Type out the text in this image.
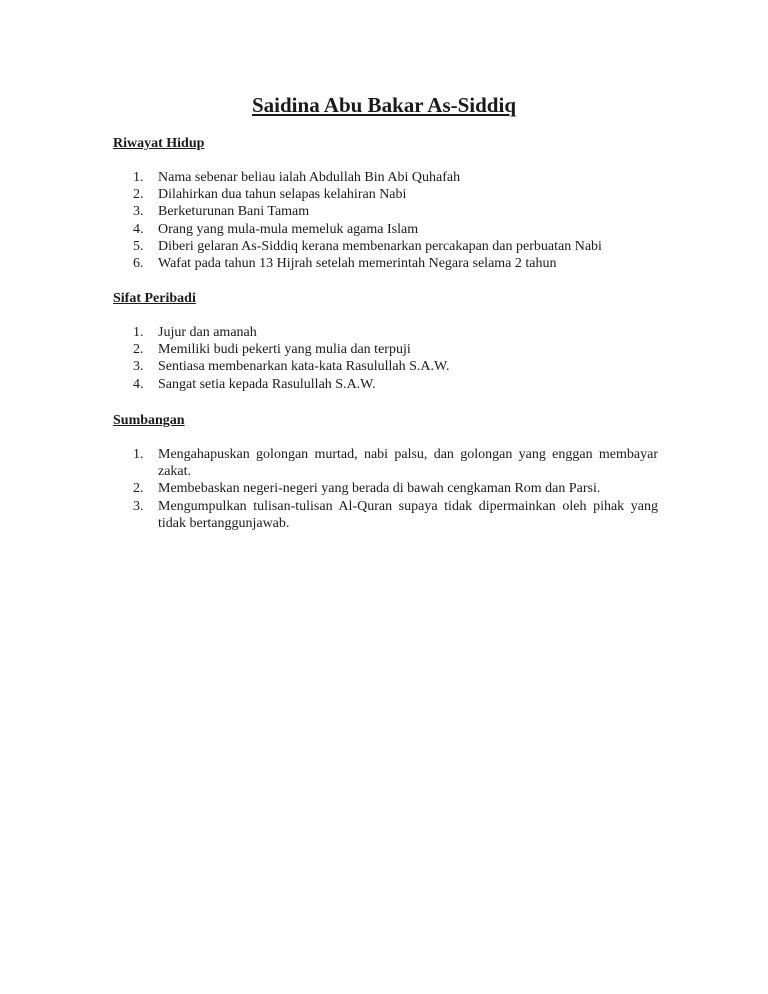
Saidina Abu Bakar As-Siddiq

Riwayat Hidup

1. Nama sebenar beliau ialah Abdullah Bin Abi Quhafah
2. Dilahirkan dua tahun selapas kelahiran Nabi
3. Berketurunan Bani Tamam
4. Orang yang mula-mula memeluk agama Islam
5. Diberi gelaran As-Siddiq kerana membenarkan percakapan dan perbuatan Nabi
6. Wafat pada tahun 13 Hijrah setelah memerintah Negara selama 2 tahun

Sifat Peribadi

1. Jujur dan amanah
2. Memiliki budi pekerti yang mulia dan terpuji
3. Sentiasa membenarkan kata-kata Rasulullah S.A.W.
4. Sangat setia kepada Rasulullah S.A.W.

Sumbangan

1. Mengahapuskan golongan murtad, nabi palsu, dan golongan yang enggan membayar zakat.
2. Membebaskan negeri-negeri yang berada di bawah cengkaman Rom dan Parsi.
3. Mengumpulkan tulisan-tulisan Al-Quran supaya tidak dipermainkan oleh pihak yang tidak bertanggunjawab.
